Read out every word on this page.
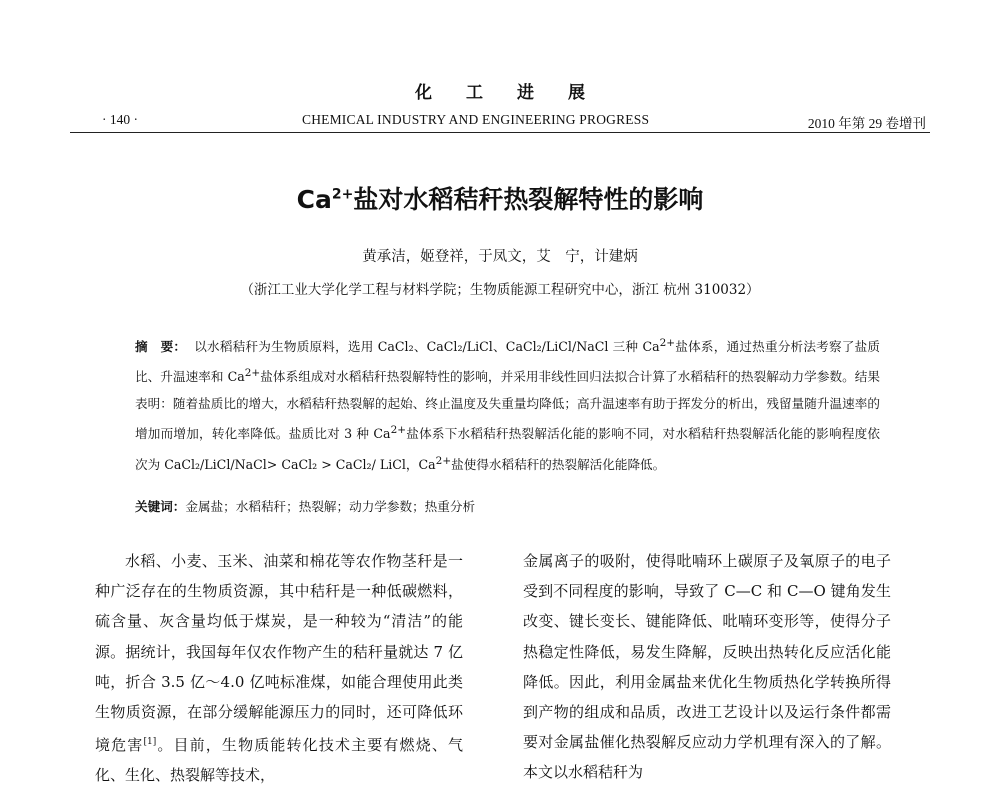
化工进展
· 140 ·	CHEMICAL INDUSTRY AND ENGINEERING PROGRESS	2010 年第 29 卷增刊
$Ca^{2+}$盐对水稻秸秆热裂解特性的影响
黄承洁，姬登祥，于凤文，艾　宁，计建炳
（浙江工业大学化学工程与材料学院；生物质能源工程研究中心，浙江 杭州 310032）
摘　要： 以水稻秸秆为生物质原料，选用 CaCl₂、CaCl₂/LiCl、CaCl₂/LiCl/NaCl 三种 $Ca^{2+}$盐体系，通过热重分析法考察了盐质比、升温速率和 $Ca^{2+}$盐体系组成对水稻秸秆热裂解特性的影响，并采用非线性回归法拟合计算了水稻秸秆的热裂解动力学参数。结果表明：随着盐质比的增大，水稻秸秆热裂解的起始、终止温度及失重量均降低；高升温速率有助于挥发分的析出，残留量随升温速率的增加而增加，转化率降低。盐质比对 3 种 $Ca^{2+}$盐体系下水稻秸秆热裂解活化能的影响不同，对水稻秸秆热裂解活化能的影响程度依次为 CaCl₂/LiCl/NaCl> CaCl₂ > CaCl₂/ LiCl，$Ca^{2+}$盐使得水稻秸秆的热裂解活化能降低。
关键词：金属盐；水稻秸秆；热裂解；动力学参数；热重分析
水稻、小麦、玉米、油菜和棉花等农作物茎秆是一种广泛存在的生物质资源，其中秸秆是一种低碳燃料，硫含量、灰含量均低于煤炭，是一种较为“清洁”的能源。据统计，我国每年仅农作物产生的秸秆量就达 7 亿吨，折合 3.5 亿～4.0 亿吨标准煤，如能合理使用此类生物质资源，在部分缓解能源压力的同时，还可降低环境危害[1]。目前，生物质能转化技术主要有燃烧、气化、生化、热裂解等技术，
金属离子的吸附，使得吡喃环上碳原子及氧原子的电子受到不同程度的影响，导致了 C—C 和 C—O 键角发生改变、键长变长、键能降低、吡喃环变形等，使得分子热稳定性降低，易发生降解，反映出热转化反应活化能降低。因此，利用金属盐来优化生物质热化学转换所得到产物的组成和品质，改进工艺设计以及运行条件都需要对金属盐催化热裂解反应动力学机理有深入的了解。本文以水稻秸秆为
